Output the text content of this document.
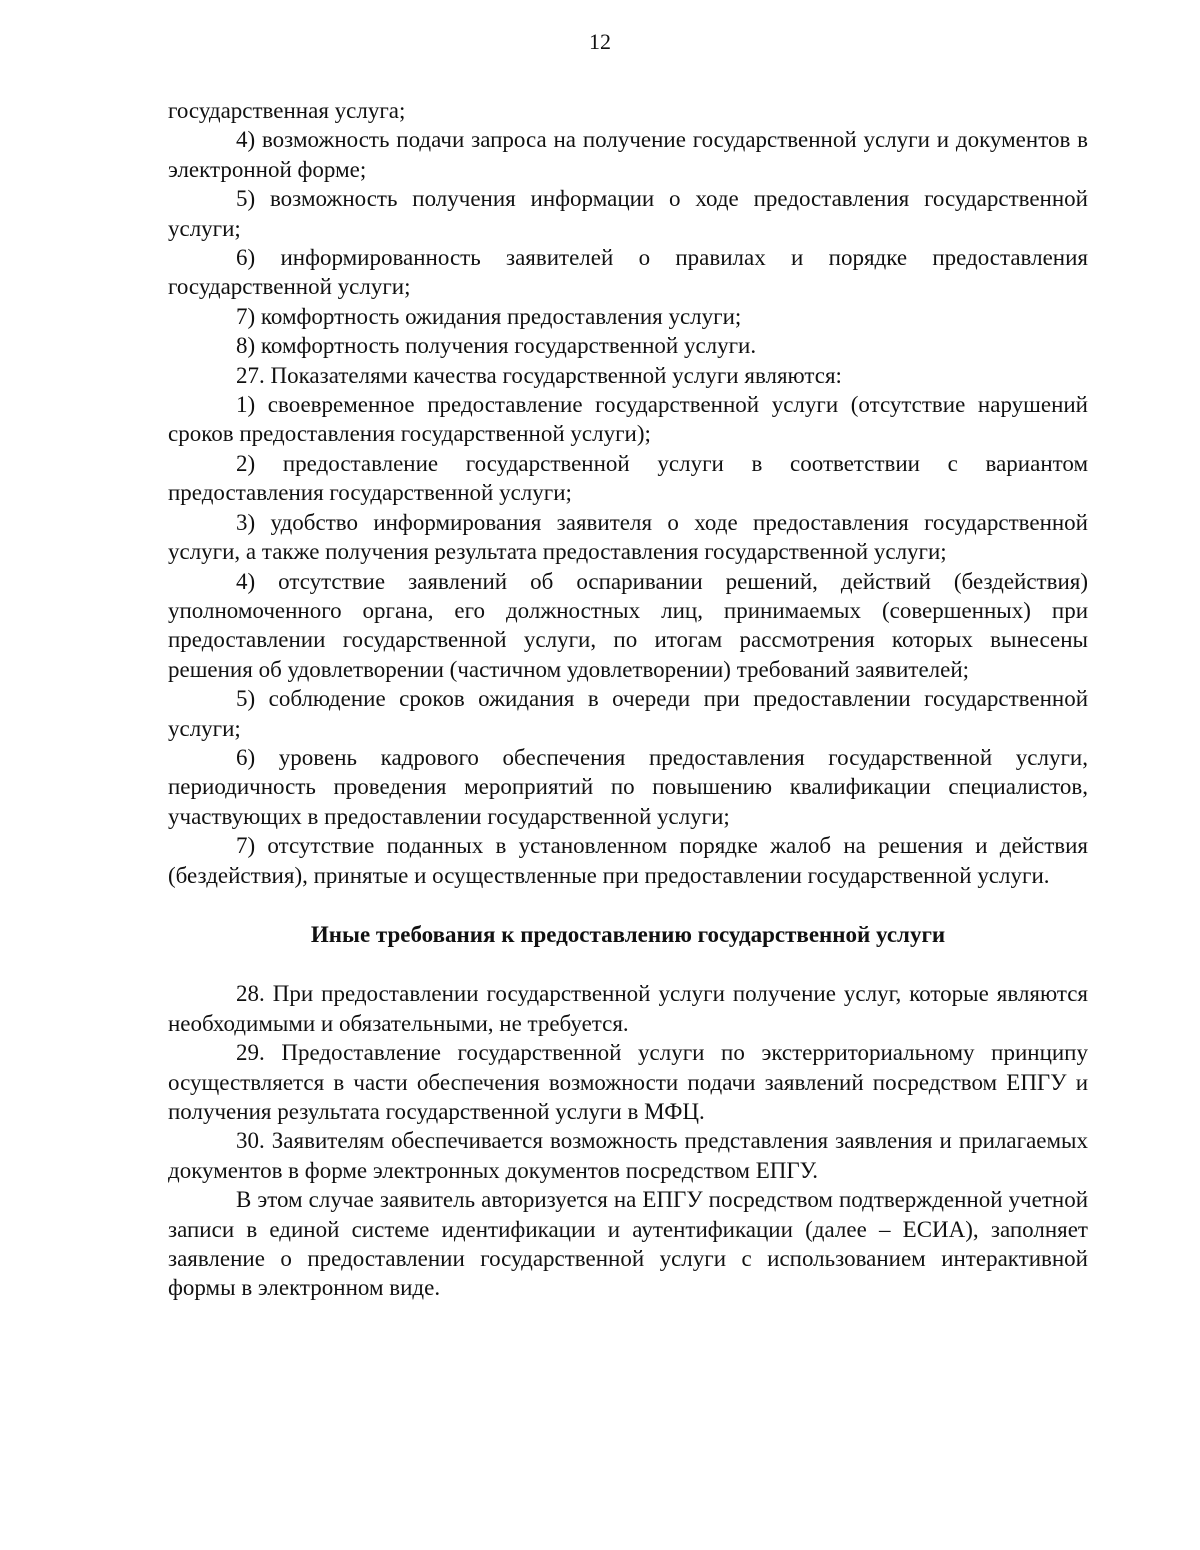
12

государственная услуга;

4) возможность подачи запроса на получение государственной услуги и документов в электронной форме;

5) возможность получения информации о ходе предоставления государственной услуги;

6) информированность заявителей о правилах и порядке предоставления государственной услуги;

7) комфортность ожидания предоставления услуги;

8) комфортность получения государственной услуги.

27. Показателями качества государственной услуги являются:

1) своевременное предоставление государственной услуги (отсутствие нарушений сроков предоставления государственной услуги);

2) предоставление государственной услуги в соответствии с вариантом предоставления государственной услуги;

3) удобство информирования заявителя о ходе предоставления государственной услуги, а также получения результата предоставления государственной услуги;

4) отсутствие заявлений об оспаривании решений, действий (бездействия) уполномоченного органа, его должностных лиц, принимаемых (совершенных) при предоставлении государственной услуги, по итогам рассмотрения которых вынесены решения об удовлетворении (частичном удовлетворении) требований заявителей;

5) соблюдение сроков ожидания в очереди при предоставлении государственной услуги;

6) уровень кадрового обеспечения предоставления государственной услуги, периодичность проведения мероприятий по повышению квалификации специалистов, участвующих в предоставлении государственной услуги;

7) отсутствие поданных в установленном порядке жалоб на решения и действия (бездействия), принятые и осуществленные при предоставлении государственной услуги.

Иные требования к предоставлению государственной услуги

28. При предоставлении государственной услуги получение услуг, которые являются необходимыми и обязательными, не требуется.

29. Предоставление государственной услуги по экстерриториальному принципу осуществляется в части обеспечения возможности подачи заявлений посредством ЕПГУ и получения результата государственной услуги в МФЦ.

30. Заявителям обеспечивается возможность представления заявления и прилагаемых документов в форме электронных документов посредством ЕПГУ.

В этом случае заявитель авторизуется на ЕПГУ посредством подтвержденной учетной записи в единой системе идентификации и аутентификации (далее – ЕСИА), заполняет заявление о предоставлении государственной услуги с использованием интерактивной формы в электронном виде.
